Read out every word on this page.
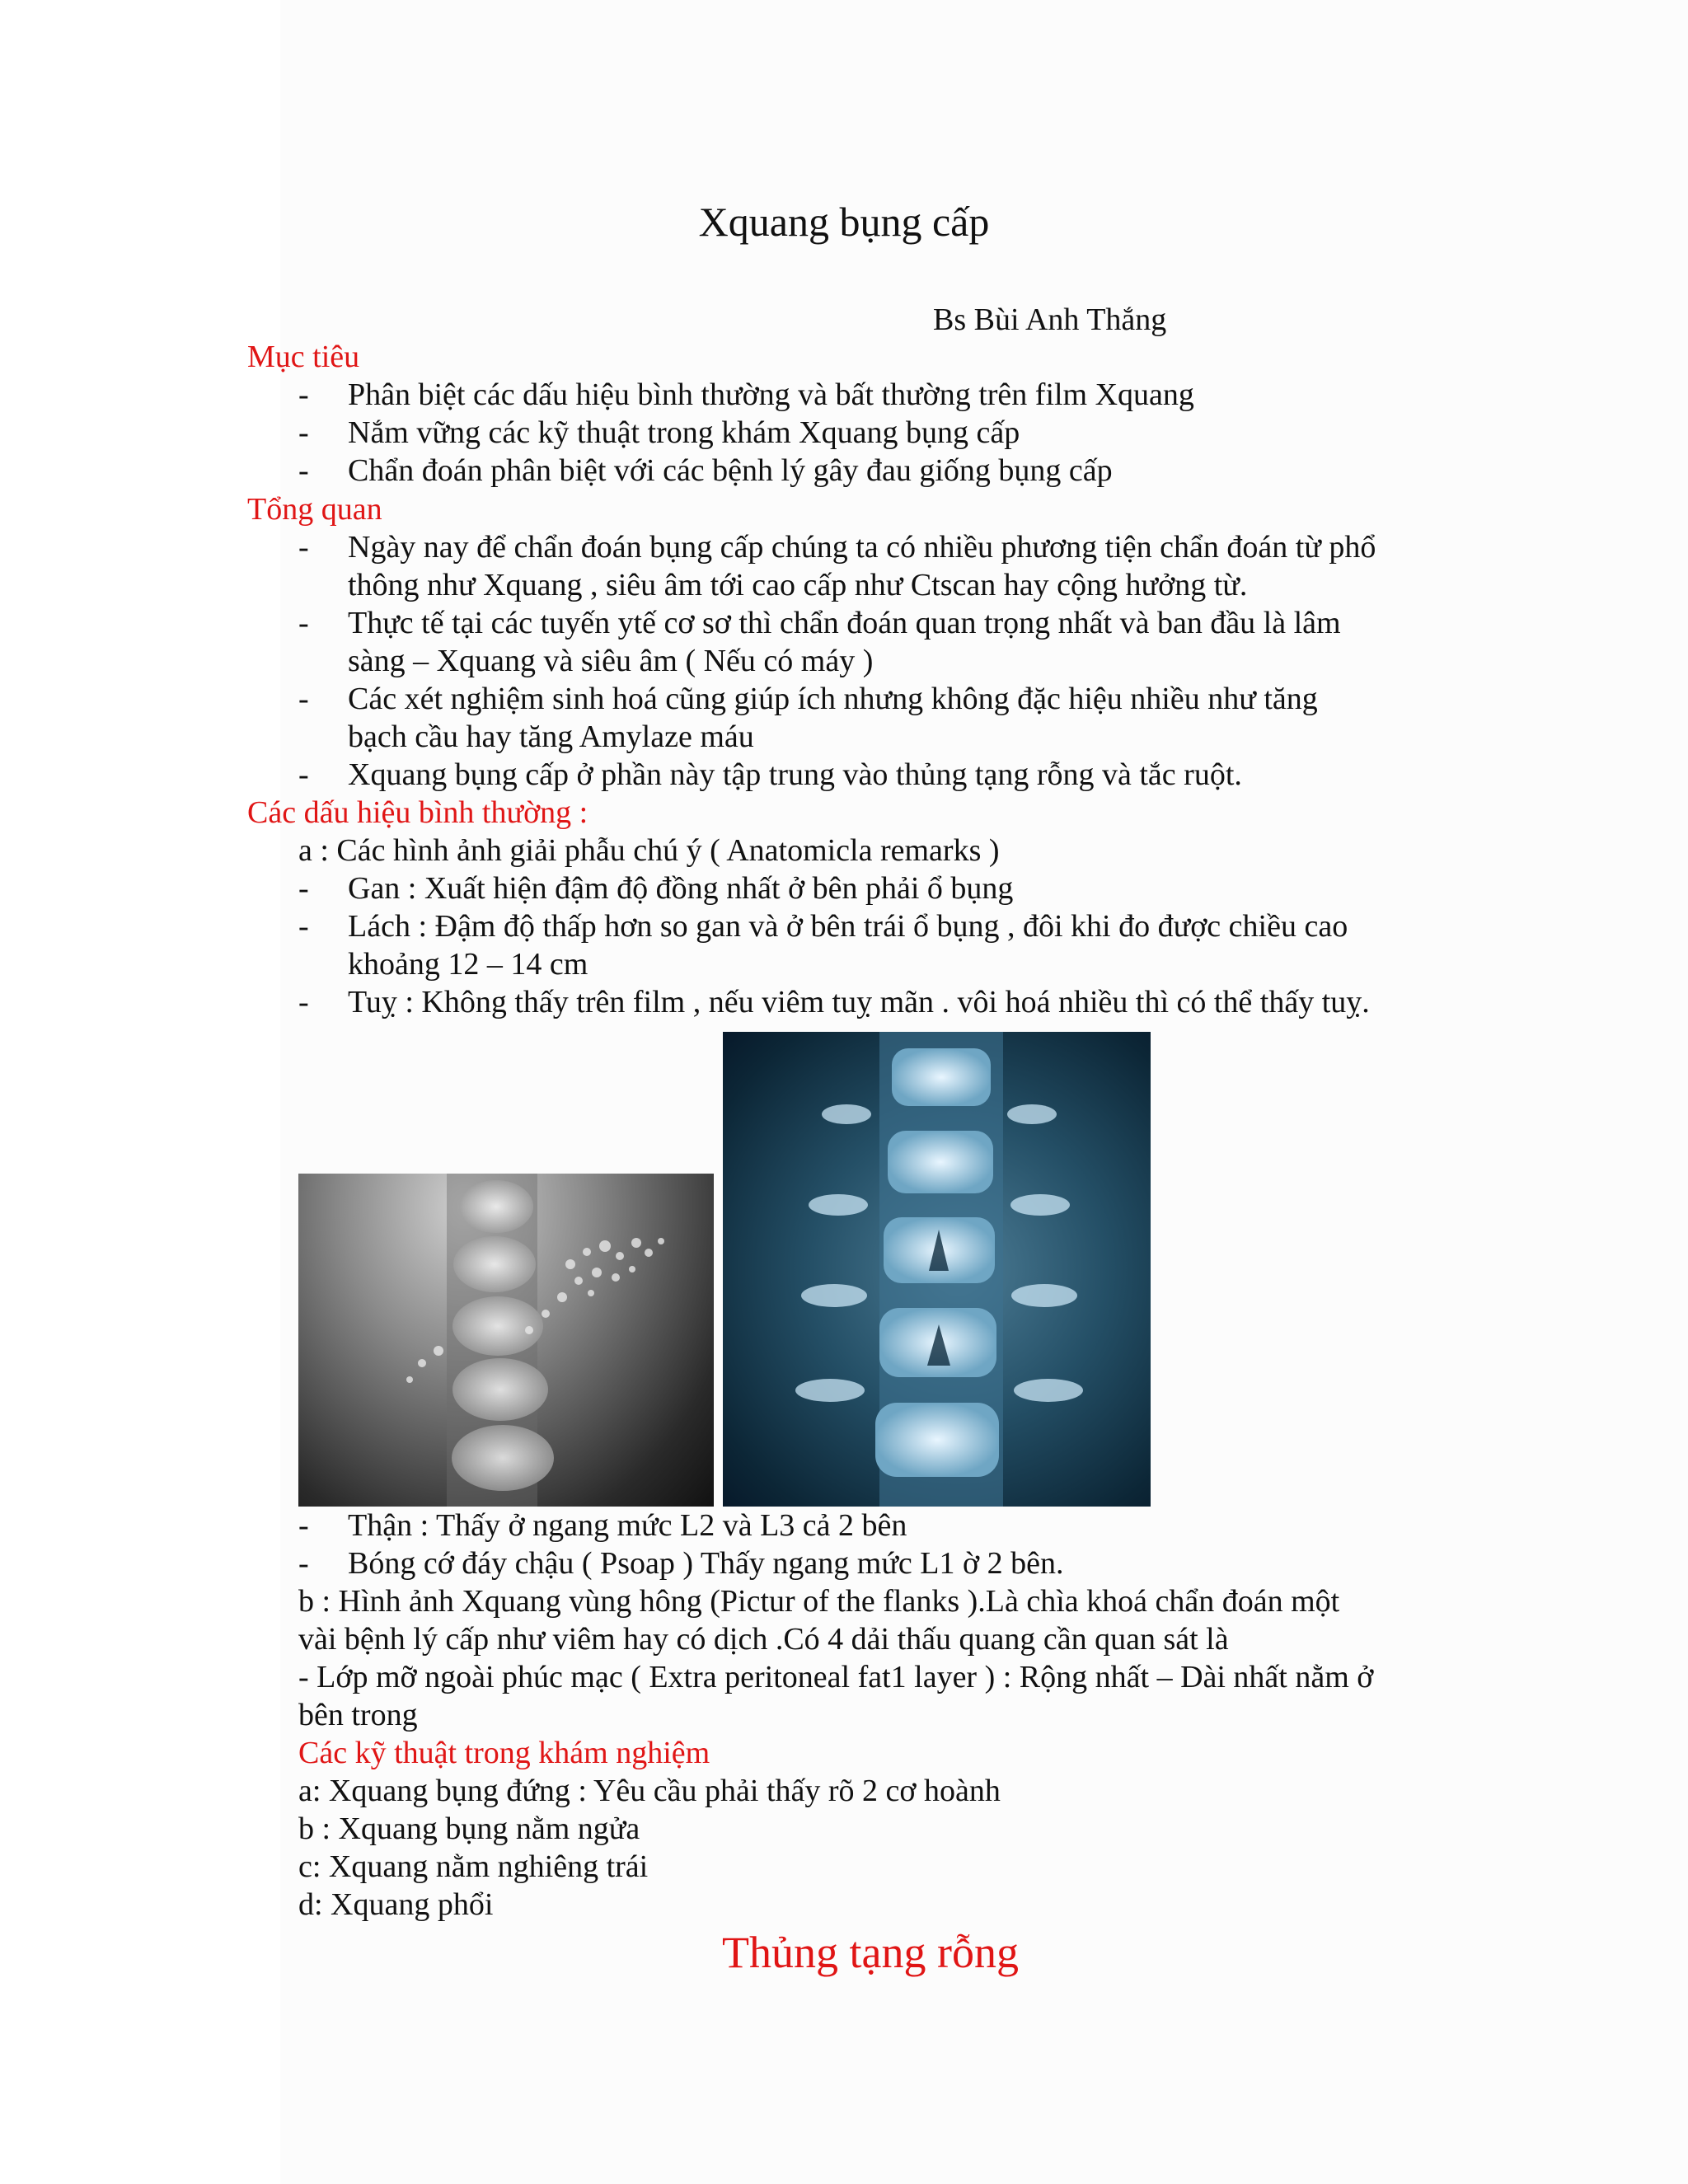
Xquang bụng cấp
Bs Bùi Anh Thắng
Mục tiêu
- Phân biệt các dấu hiệu bình thường và bất thường trên film Xquang
- Nắm vững các kỹ thuật trong khám Xquang bụng cấp
- Chẩn đoán phân biệt với các bệnh lý gây đau giống bụng cấp
Tổng quan
- Ngày nay để chẩn đoán bụng cấp chúng ta có nhiều phương tiện chẩn đoán từ phổ
thông như Xquang , siêu âm tới cao cấp như Ctscan hay cộng hưởng từ.
- Thực tế tại các tuyến ytế cơ sơ thì chẩn đoán quan trọng nhất và ban đầu là lâm
sàng – Xquang và siêu âm ( Nếu có máy )
- Các xét nghiệm sinh hoá cũng giúp ích nhưng không đặc hiệu nhiều như tăng
bạch cầu hay tăng Amylaze máu
- Xquang bụng cấp ở phần này tập trung vào thủng tạng rỗng và tắc ruột.
Các dấu hiệu bình thường :
a : Các hình ảnh giải phẫu chú ý ( Anatomicla remarks )
- Gan : Xuất hiện đậm độ đồng nhất ở bên phải ổ bụng
- Lách : Đậm độ thấp hơn so gan và ở bên trái ổ bụng , đôi khi đo được chiều cao
khoảng 12 – 14 cm
- Tuỵ : Không thấy trên film , nếu viêm tuỵ mãn . vôi hoá nhiều thì có thể thấy tuỵ.
- Thận : Thấy ở ngang mức L2 và L3 cả 2 bên
- Bóng cớ đáy chậu ( Psoap ) Thấy ngang mức L1 ờ 2 bên.
b : Hình ảnh Xquang vùng hông (Pictur of the flanks ).Là chìa khoá chẩn đoán một
vài bệnh lý cấp như viêm hay có dịch .Có 4 dải thấu quang cần quan sát là
- Lớp mỡ ngoài phúc mạc ( Extra peritoneal fat1 layer ) : Rộng nhất – Dài nhất nằm ở
bên trong
Các kỹ thuật trong khám nghiệm
a: Xquang bụng đứng : Yêu cầu phải thấy rõ 2 cơ hoành
b : Xquang bụng nằm ngửa
c: Xquang nằm nghiêng trái
d: Xquang phổi
Thủng tạng rỗng
